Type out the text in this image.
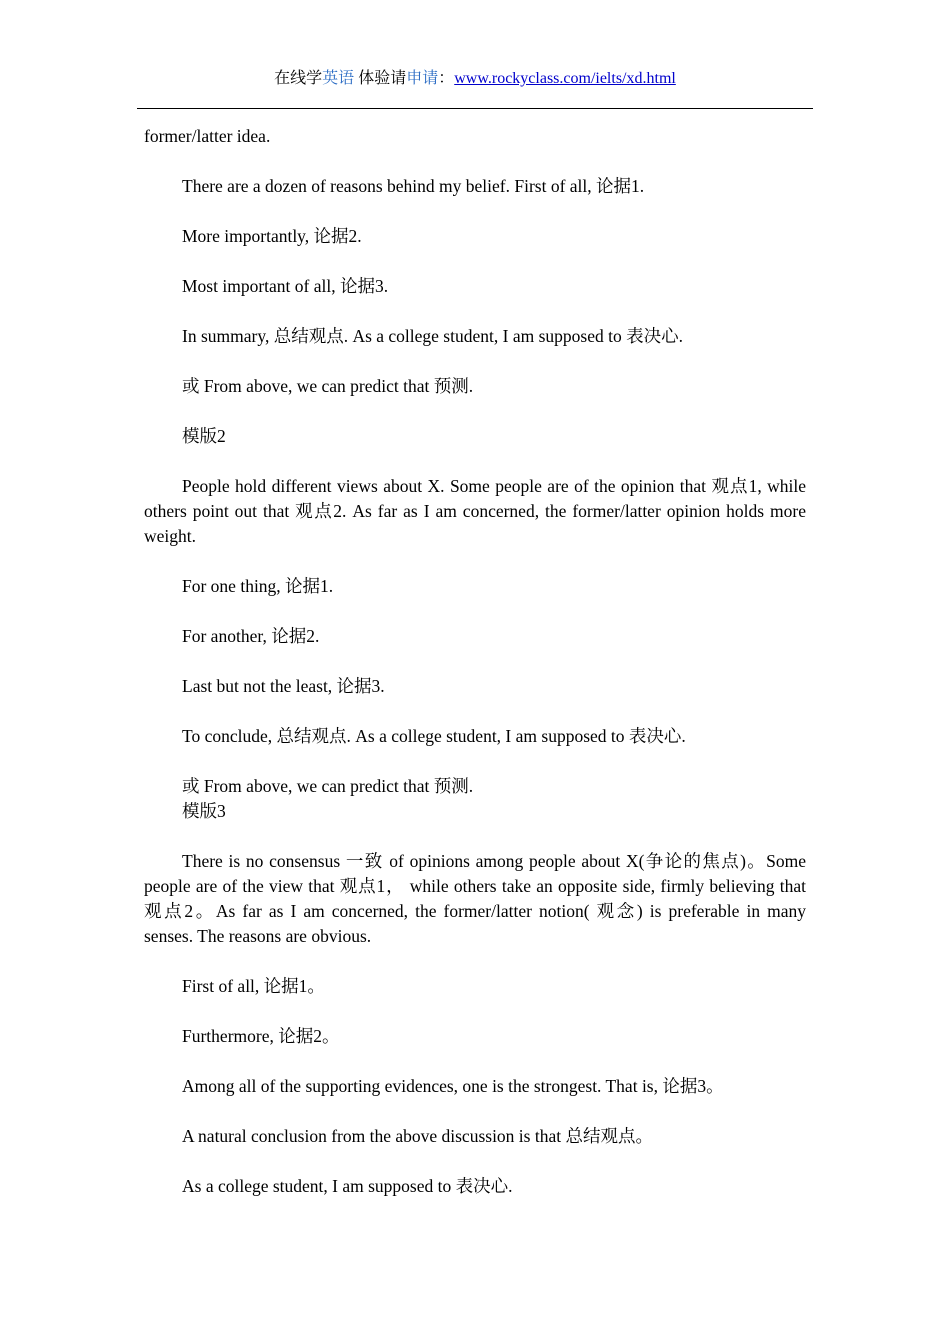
在线学英语 体验请申请：www.rockyclass.com/ielts/xd.html

former/latter idea.

There are a dozen of reasons behind my belief. First of all, 论据1.

More importantly, 论据2.

Most important of all, 论据3.

In summary, 总结观点. As a college student, I am supposed to 表决心.

或 From above, we can predict that 预测.

模版2

People hold different views about X. Some people are of the opinion that 观点1, while others point out that 观点2. As far as I am concerned, the former/latter opinion holds more weight.

For one thing, 论据1.

For another, 论据2.

Last but not the least, 论据3.

To conclude, 总结观点. As a college student, I am supposed to 表决心.

或 From above, we can predict that 预测.

模版3

There is no consensus 一致 of opinions among people about X(争论的焦点)。Some people are of the view that 观点1， while others take an opposite side, firmly believing that 观点2。As far as I am concerned, the former/latter notion( 观念) is preferable in many senses. The reasons are obvious.

First of all, 论据1。

Furthermore, 论据2。

Among all of the supporting evidences, one is the strongest. That is, 论据3。

A natural conclusion from the above discussion is that 总结观点。

As a college student, I am supposed to 表决心.
